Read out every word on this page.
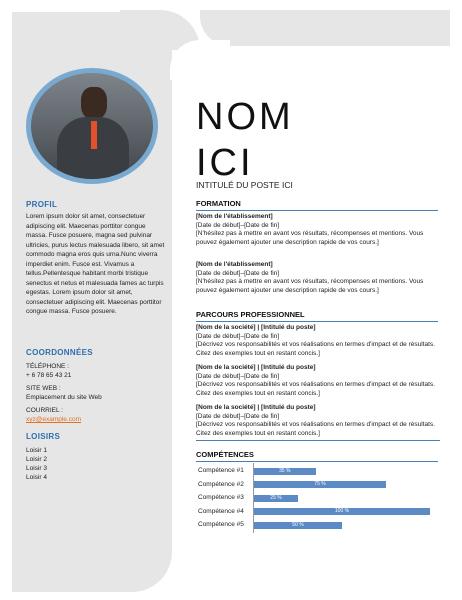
PROFIL
Lorem ipsum dolor sit amet, consectetuer adipiscing elit. Maecenas porttitor congue massa. Fusce posuere, magna sed pulvinar ultricies, purus lectus malesuada libero, sit amet commodo magna eros quis urna.Nunc viverra imperdiet enim. Fusce est. Vivamus a tellus.Pellentesque habitant morbi tristique senectus et netus et malesuada fames ac turpis egestas. Lorem ipsum dolor sit amet, consectetuer adipiscing elit. Maecenas porttitor congue massa. Fusce posuere.
COORDONNÉES
TÉLÉPHONE :
+ 6 78 65 43 21
SITE WEB :
Emplacement du site Web
COURRIEL :
xyz@example.com
LOISIRS
Loisir 1
Loisir 2
Loisir 3
Loisir 4
NOM
ICI
INTITULÉ DU POSTE ICI
FORMATION
[Nom de l'établissement]
[Date de début]–[Date de fin]
[N'hésitez pas à mettre en avant vos résultats, récompenses et mentions. Vous pouvez également ajouter une description rapide de vos cours.]
[Nom de l'établissement]
[Date de début]–[Date de fin]
[N'hésitez pas à mettre en avant vos résultats, récompenses et mentions. Vous pouvez également ajouter une description rapide de vos cours.]
PARCOURS PROFESSIONNEL
[Nom de la société] | [Intitulé du poste]
[Date de début]–[Date de fin]
[Décrivez vos responsabilités et vos réalisations en termes d'impact et de résultats. Citez des exemples tout en restant concis.]
[Nom de la société] | [Intitulé du poste]
[Date de début]–[Date de fin]
[Décrivez vos responsabilités et vos réalisations en termes d'impact et de résultats. Citez des exemples tout en restant concis.]
[Nom de la société] | [Intitulé du poste]
[Date de début]–[Date de fin]
[Décrivez vos responsabilités et vos réalisations en termes d'impact et de résultats. Citez des exemples tout en restant concis.]
COMPÉTENCES
Compétence #1	35 %
Compétence #2	75 %
Compétence #3	25 %
Compétence #4	100 %
Compétence #5	50 %
